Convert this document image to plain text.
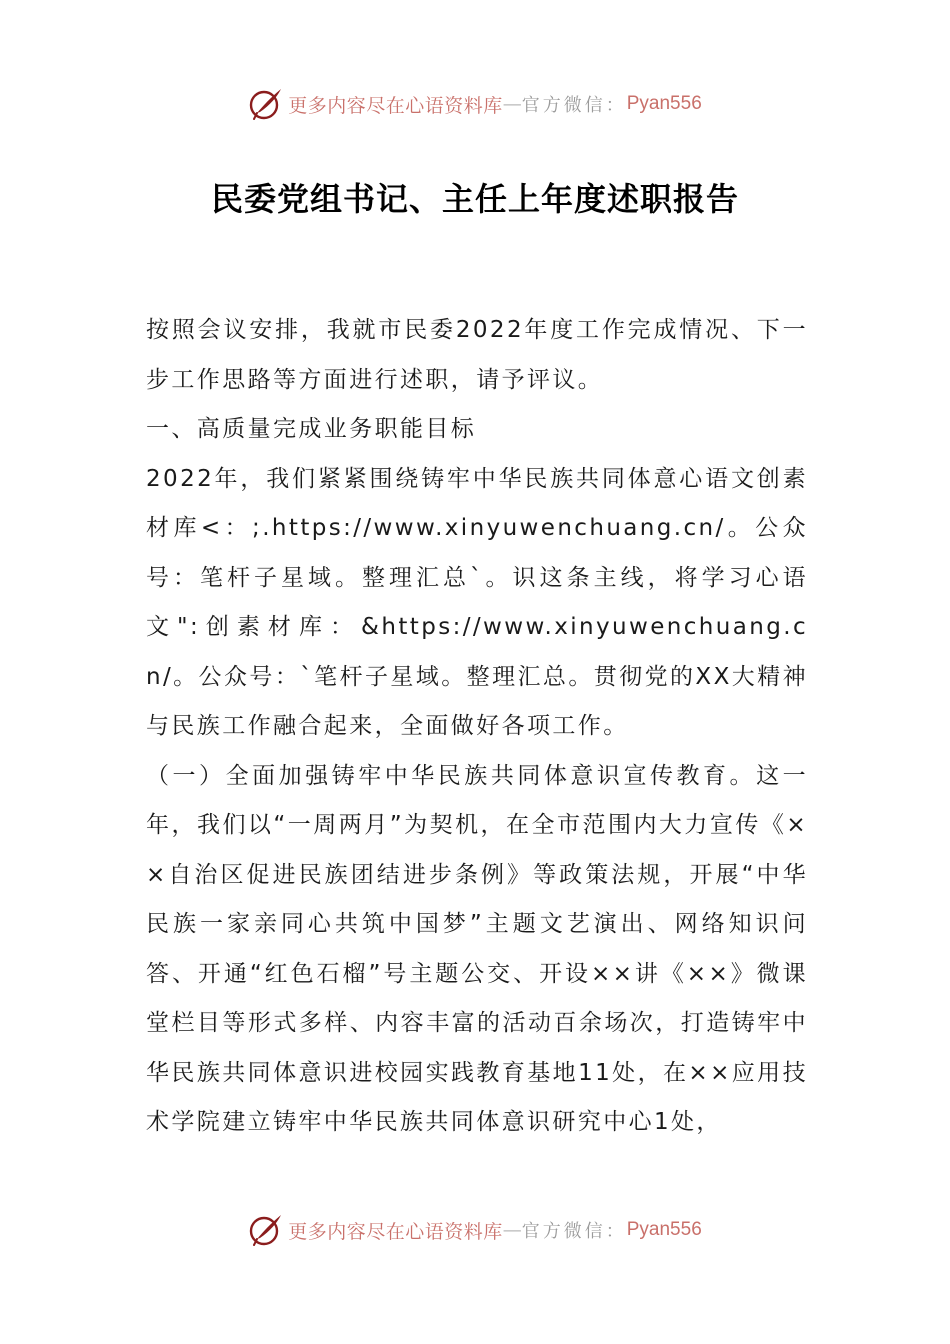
更多内容尽在心语资料库 — 官方微信： Pyan556
民委党组书记、主任上年度述职报告

按照会议安排，我就市民委2022年度工作完成情况、下一步工作思路等方面进行述职，请予评议。

一、高质量完成业务职能目标

2022年，我们紧紧围绕铸牢中华民族共同体意心语文创素材库<：;.https://www.xinyuwenchuang.cn/。公众号：笔杆子星域。整理汇总`。识这条主线，将学习心语文":创素材库：&https://www.xinyuwenchuang.cn/。公众号：`笔杆子星域。整理汇总。贯彻党的XX大精神与民族工作融合起来，全面做好各项工作。

（一）全面加强铸牢中华民族共同体意识宣传教育。这一年，我们以“一周两月”为契机，在全市范围内大力宣传《××自治区促进民族团结进步条例》等政策法规，开展“中华民族一家亲同心共筑中国梦”主题文艺演出、网络知识问答、开通“红色石榴”号主题公交、开设××讲《××》微课堂栏目等形式多样、内容丰富的活动百余场次，打造铸牢中华民族共同体意识进校园实践教育基地11处，在××应用技术学院建立铸牢中华民族共同体意识研究中心1处，

更多内容尽在心语资料库 — 官方微信： Pyan556
